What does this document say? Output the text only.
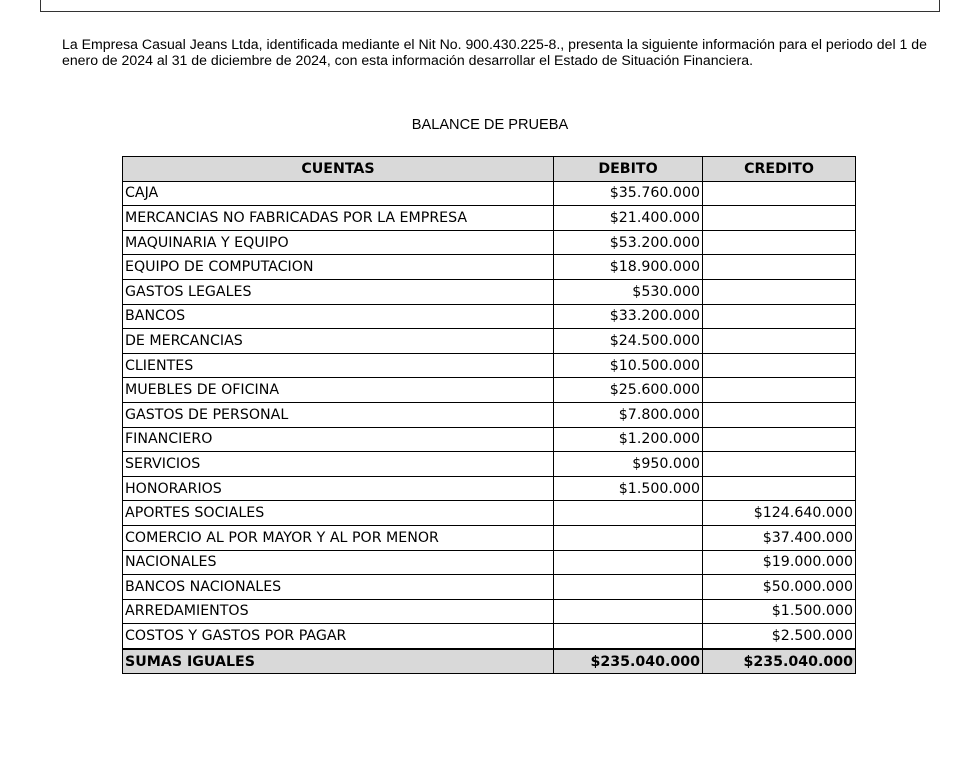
La Empresa Casual Jeans Ltda, identificada mediante el Nit No. 900.430.225-8., presenta la siguiente información para el periodo del 1 de enero de 2024 al 31 de diciembre de 2024, con esta información desarrollar el Estado de Situación Financiera.

BALANCE DE PRUEBA
CUENTAS	DEBITO	CREDITO
CAJA	$35.760.000	
MERCANCIAS NO FABRICADAS POR LA EMPRESA	$21.400.000	
MAQUINARIA Y EQUIPO	$53.200.000	
EQUIPO DE COMPUTACION	$18.900.000	
GASTOS LEGALES	$530.000	
BANCOS	$33.200.000	
DE MERCANCIAS	$24.500.000	
CLIENTES	$10.500.000	
MUEBLES DE OFICINA	$25.600.000	
GASTOS DE PERSONAL	$7.800.000	
FINANCIERO	$1.200.000	
SERVICIOS	$950.000	
HONORARIOS	$1.500.000	
APORTES SOCIALES		$124.640.000
COMERCIO AL POR MAYOR Y AL POR MENOR		$37.400.000
NACIONALES		$19.000.000
BANCOS NACIONALES		$50.000.000
ARREDAMIENTOS		$1.500.000
COSTOS Y GASTOS POR PAGAR		$2.500.000
SUMAS IGUALES	$235.040.000	$235.040.000
